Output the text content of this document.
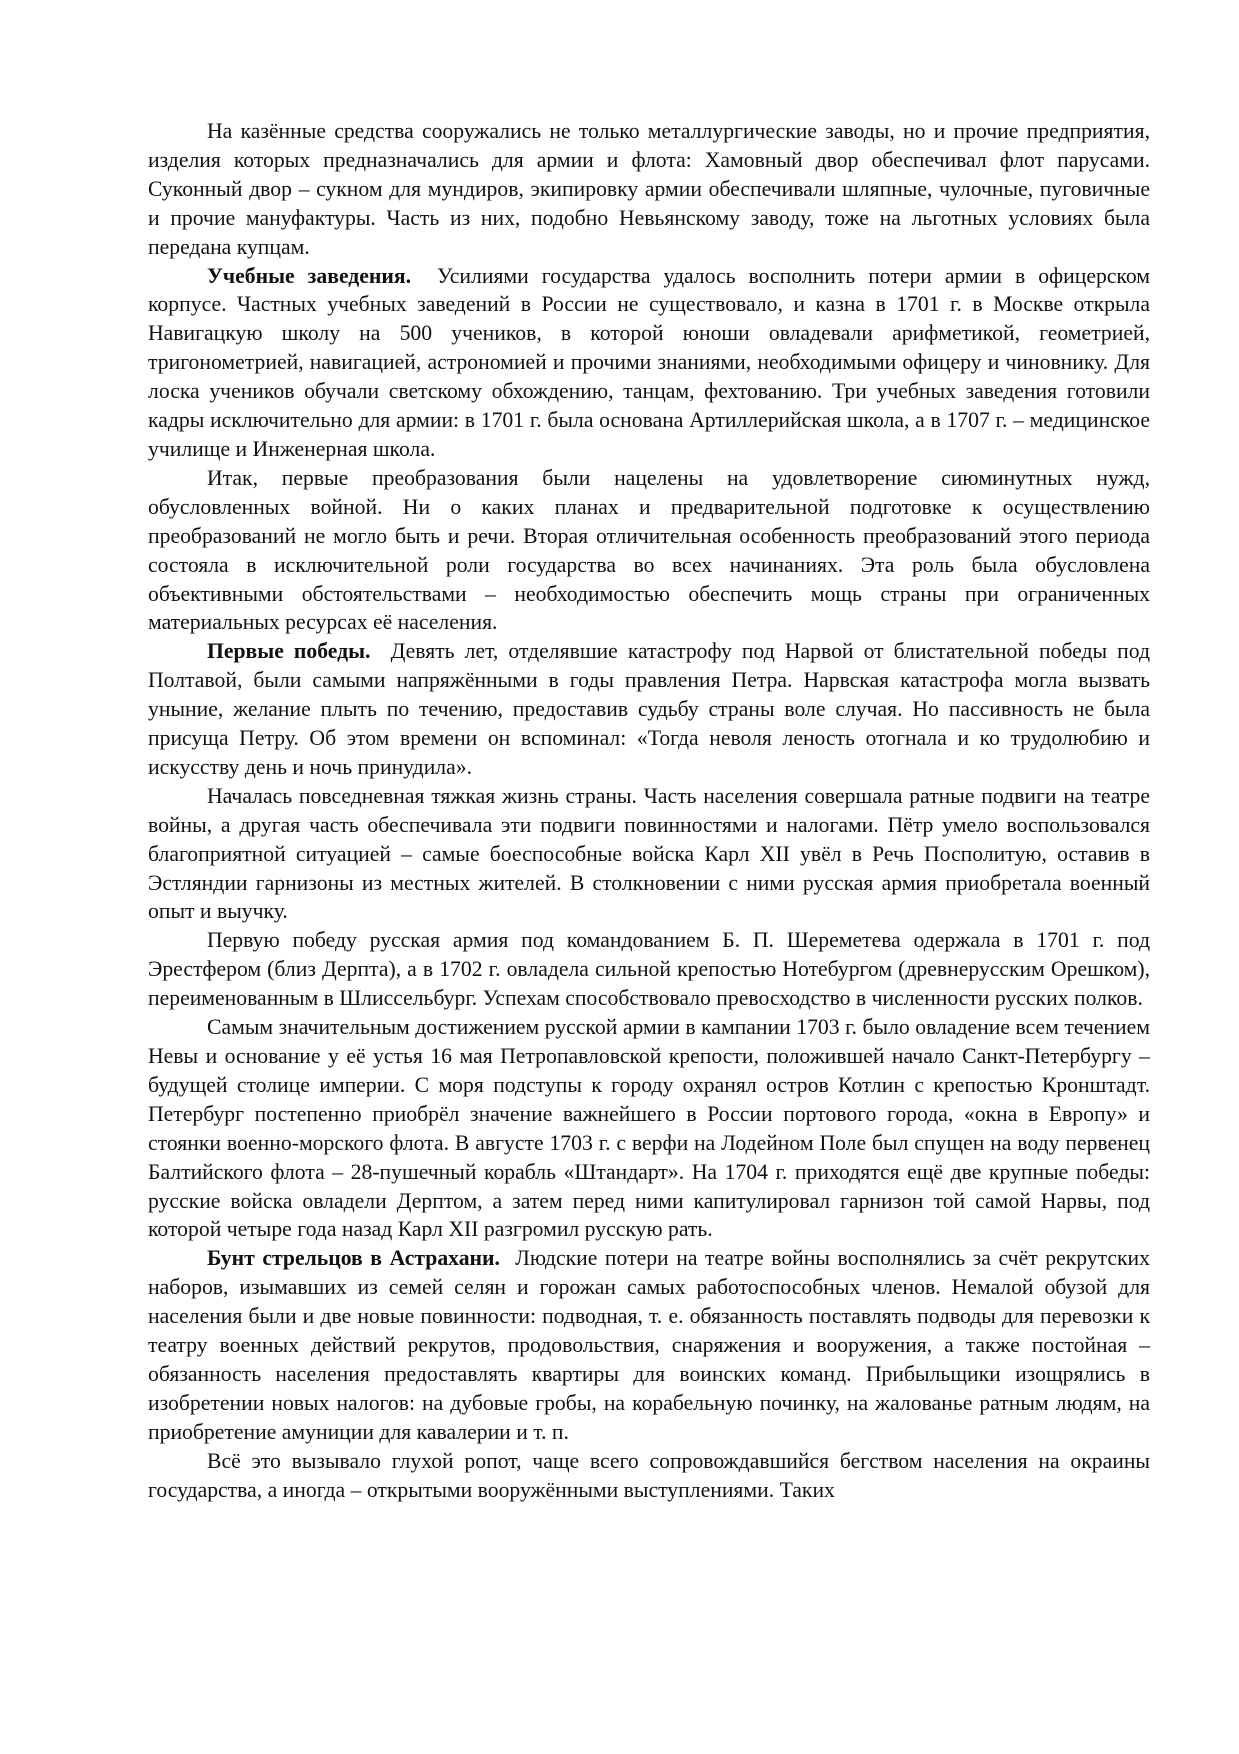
На казённые средства сооружались не только металлургические заводы, но и прочие предприятия, изделия которых предназначались для армии и флота: Хамовный двор обеспечивал флот парусами. Суконный двор – сукном для мундиров, экипировку армии обеспечивали шляпные, чулочные, пуговичные и прочие мануфактуры. Часть из них, подобно Невьянскому заводу, тоже на льготных условиях была передана купцам.

Учебные заведения. Усилиями государства удалось восполнить потери армии в офицерском корпусе. Частных учебных заведений в России не существовало, и казна в 1701 г. в Москве открыла Навигацкую школу на 500 учеников, в которой юноши овладевали арифметикой, геометрией, тригонометрией, навигацией, астрономией и прочими знаниями, необходимыми офицеру и чиновнику. Для лоска учеников обучали светскому обхождению, танцам, фехтованию. Три учебных заведения готовили кадры исключительно для армии: в 1701 г. была основана Артиллерийская школа, а в 1707 г. – медицинское училище и Инженерная школа.

Итак, первые преобразования были нацелены на удовлетворение сиюминутных нужд, обусловленных войной. Ни о каких планах и предварительной подготовке к осуществлению преобразований не могло быть и речи. Вторая отличительная особенность преобразований этого периода состояла в исключительной роли государства во всех начинаниях. Эта роль была обусловлена объективными обстоятельствами – необходимостью обеспечить мощь страны при ограниченных материальных ресурсах её населения.

Первые победы. Девять лет, отделявшие катастрофу под Нарвой от блистательной победы под Полтавой, были самыми напряжёнными в годы правления Петра. Нарвская катастрофа могла вызвать уныние, желание плыть по течению, предоставив судьбу страны воле случая. Но пассивность не была присуща Петру. Об этом времени он вспоминал: «Тогда неволя леность отогнала и ко трудолюбию и искусству день и ночь принудила».

Началась повседневная тяжкая жизнь страны. Часть населения совершала ратные подвиги на театре войны, а другая часть обеспечивала эти подвиги повинностями и налогами. Пётр умело воспользовался благоприятной ситуацией – самые боеспособные войска Карл XII увёл в Речь Посполитую, оставив в Эстляндии гарнизоны из местных жителей. В столкновении с ними русская армия приобретала военный опыт и выучку.

Первую победу русская армия под командованием Б. П. Шереметева одержала в 1701 г. под Эрестфером (близ Дерпта), а в 1702 г. овладела сильной крепостью Нотебургом (древнерусским Орешком), переименованным в Шлиссельбург. Успехам способствовало превосходство в численности русских полков.

Самым значительным достижением русской армии в кампании 1703 г. было овладение всем течением Невы и основание у её устья 16 мая Петропавловской крепости, положившей начало Санкт-Петербургу – будущей столице империи. С моря подступы к городу охранял остров Котлин с крепостью Кронштадт. Петербург постепенно приобрёл значение важнейшего в России портового города, «окна в Европу» и стоянки военно-морского флота. В августе 1703 г. с верфи на Лодейном Поле был спущен на воду первенец Балтийского флота – 28-пушечный корабль «Штандарт». На 1704 г. приходятся ещё две крупные победы: русские войска овладели Дерптом, а затем перед ними капитулировал гарнизон той самой Нарвы, под которой четыре года назад Карл XII разгромил русскую рать.

Бунт стрельцов в Астрахани. Людские потери на театре войны восполнялись за счёт рекрутских наборов, изымавших из семей селян и горожан самых работоспособных членов. Немалой обузой для населения были и две новые повинности: подводная, т. е. обязанность поставлять подводы для перевозки к театру военных действий рекрутов, продовольствия, снаряжения и вооружения, а также постойная – обязанность населения предоставлять квартиры для воинских команд. Прибыльщики изощрялись в изобретении новых налогов: на дубовые гробы, на корабельную починку, на жалованье ратным людям, на приобретение амуниции для кавалерии и т. п.

Всё это вызывало глухой ропот, чаще всего сопровождавшийся бегством населения на окраины государства, а иногда – открытыми вооружёнными выступлениями. Таких
